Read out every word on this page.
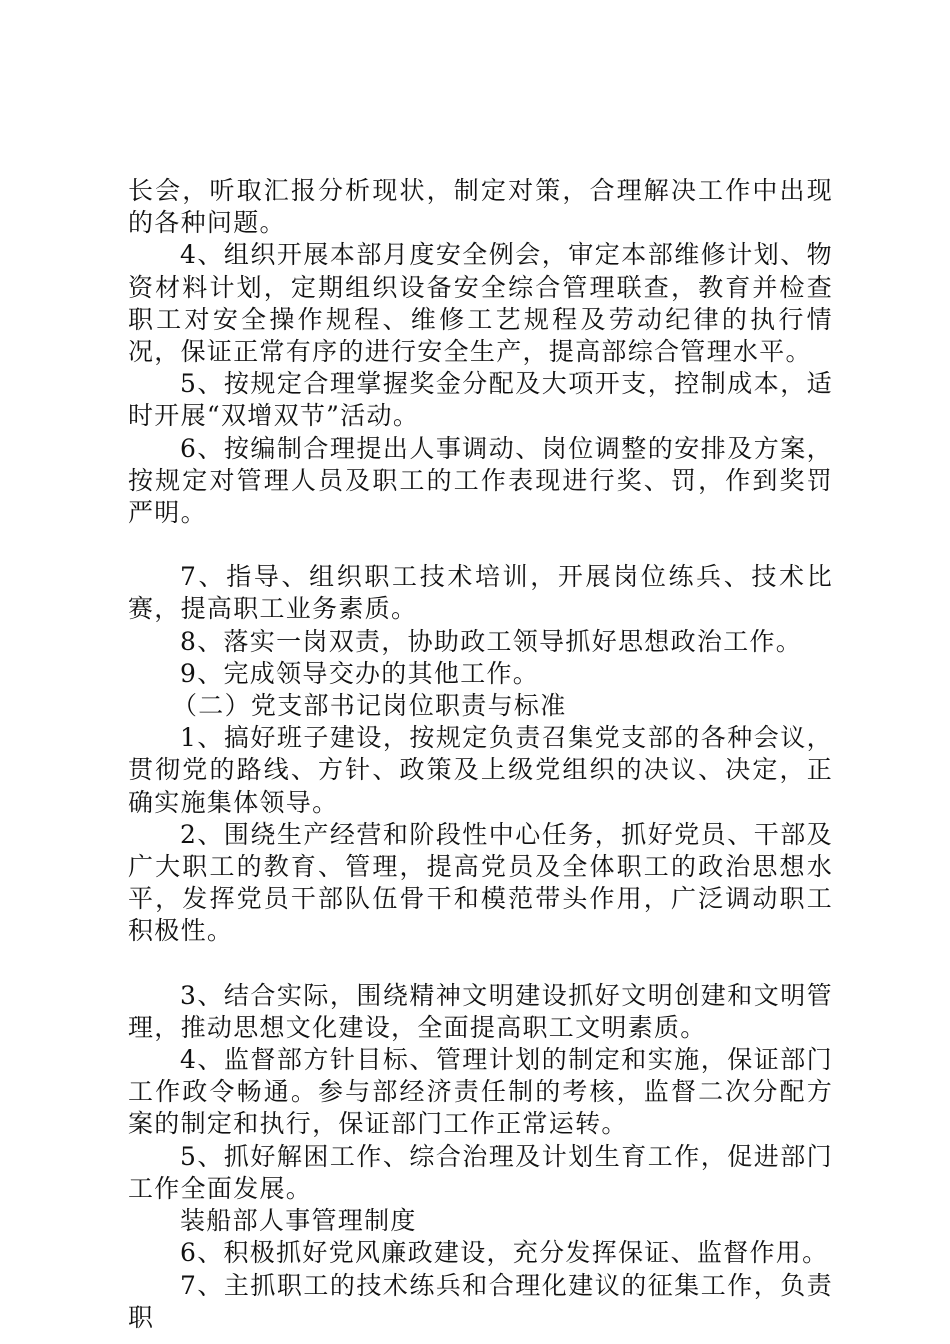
长会，听取汇报分析现状，制定对策，合理解决工作中出现的各种问题。

4、组织开展本部月度安全例会，审定本部维修计划、物资材料计划，定期组织设备安全综合管理联查，教育并检查职工对安全操作规程、维修工艺规程及劳动纪律的执行情况，保证正常有序的进行安全生产，提高部综合管理水平。

5、按规定合理掌握奖金分配及大项开支，控制成本，适时开展“双增双节”活动。

6、按编制合理提出人事调动、岗位调整的安排及方案，按规定对管理人员及职工的工作表现进行奖、罚，作到奖罚严明。

7、指导、组织职工技术培训，开展岗位练兵、技术比赛，提高职工业务素质。

8、落实一岗双责，协助政工领导抓好思想政治工作。

9、完成领导交办的其他工作。

（二）党支部书记岗位职责与标准

1、搞好班子建设，按规定负责召集党支部的各种会议，贯彻党的路线、方针、政策及上级党组织的决议、决定，正确实施集体领导。

2、围绕生产经营和阶段性中心任务，抓好党员、干部及广大职工的教育、管理，提高党员及全体职工的政治思想水平，发挥党员干部队伍骨干和模范带头作用，广泛调动职工积极性。

3、结合实际，围绕精神文明建设抓好文明创建和文明管理，推动思想文化建设，全面提高职工文明素质。

4、监督部方针目标、管理计划的制定和实施，保证部门工作政令畅通。参与部经济责任制的考核，监督二次分配方案的制定和执行，保证部门工作正常运转。

5、抓好解困工作、综合治理及计划生育工作，促进部门工作全面发展。

装船部人事管理制度

6、积极抓好党风廉政建设，充分发挥保证、监督作用。

7、主抓职工的技术练兵和合理化建议的征集工作，负责职
